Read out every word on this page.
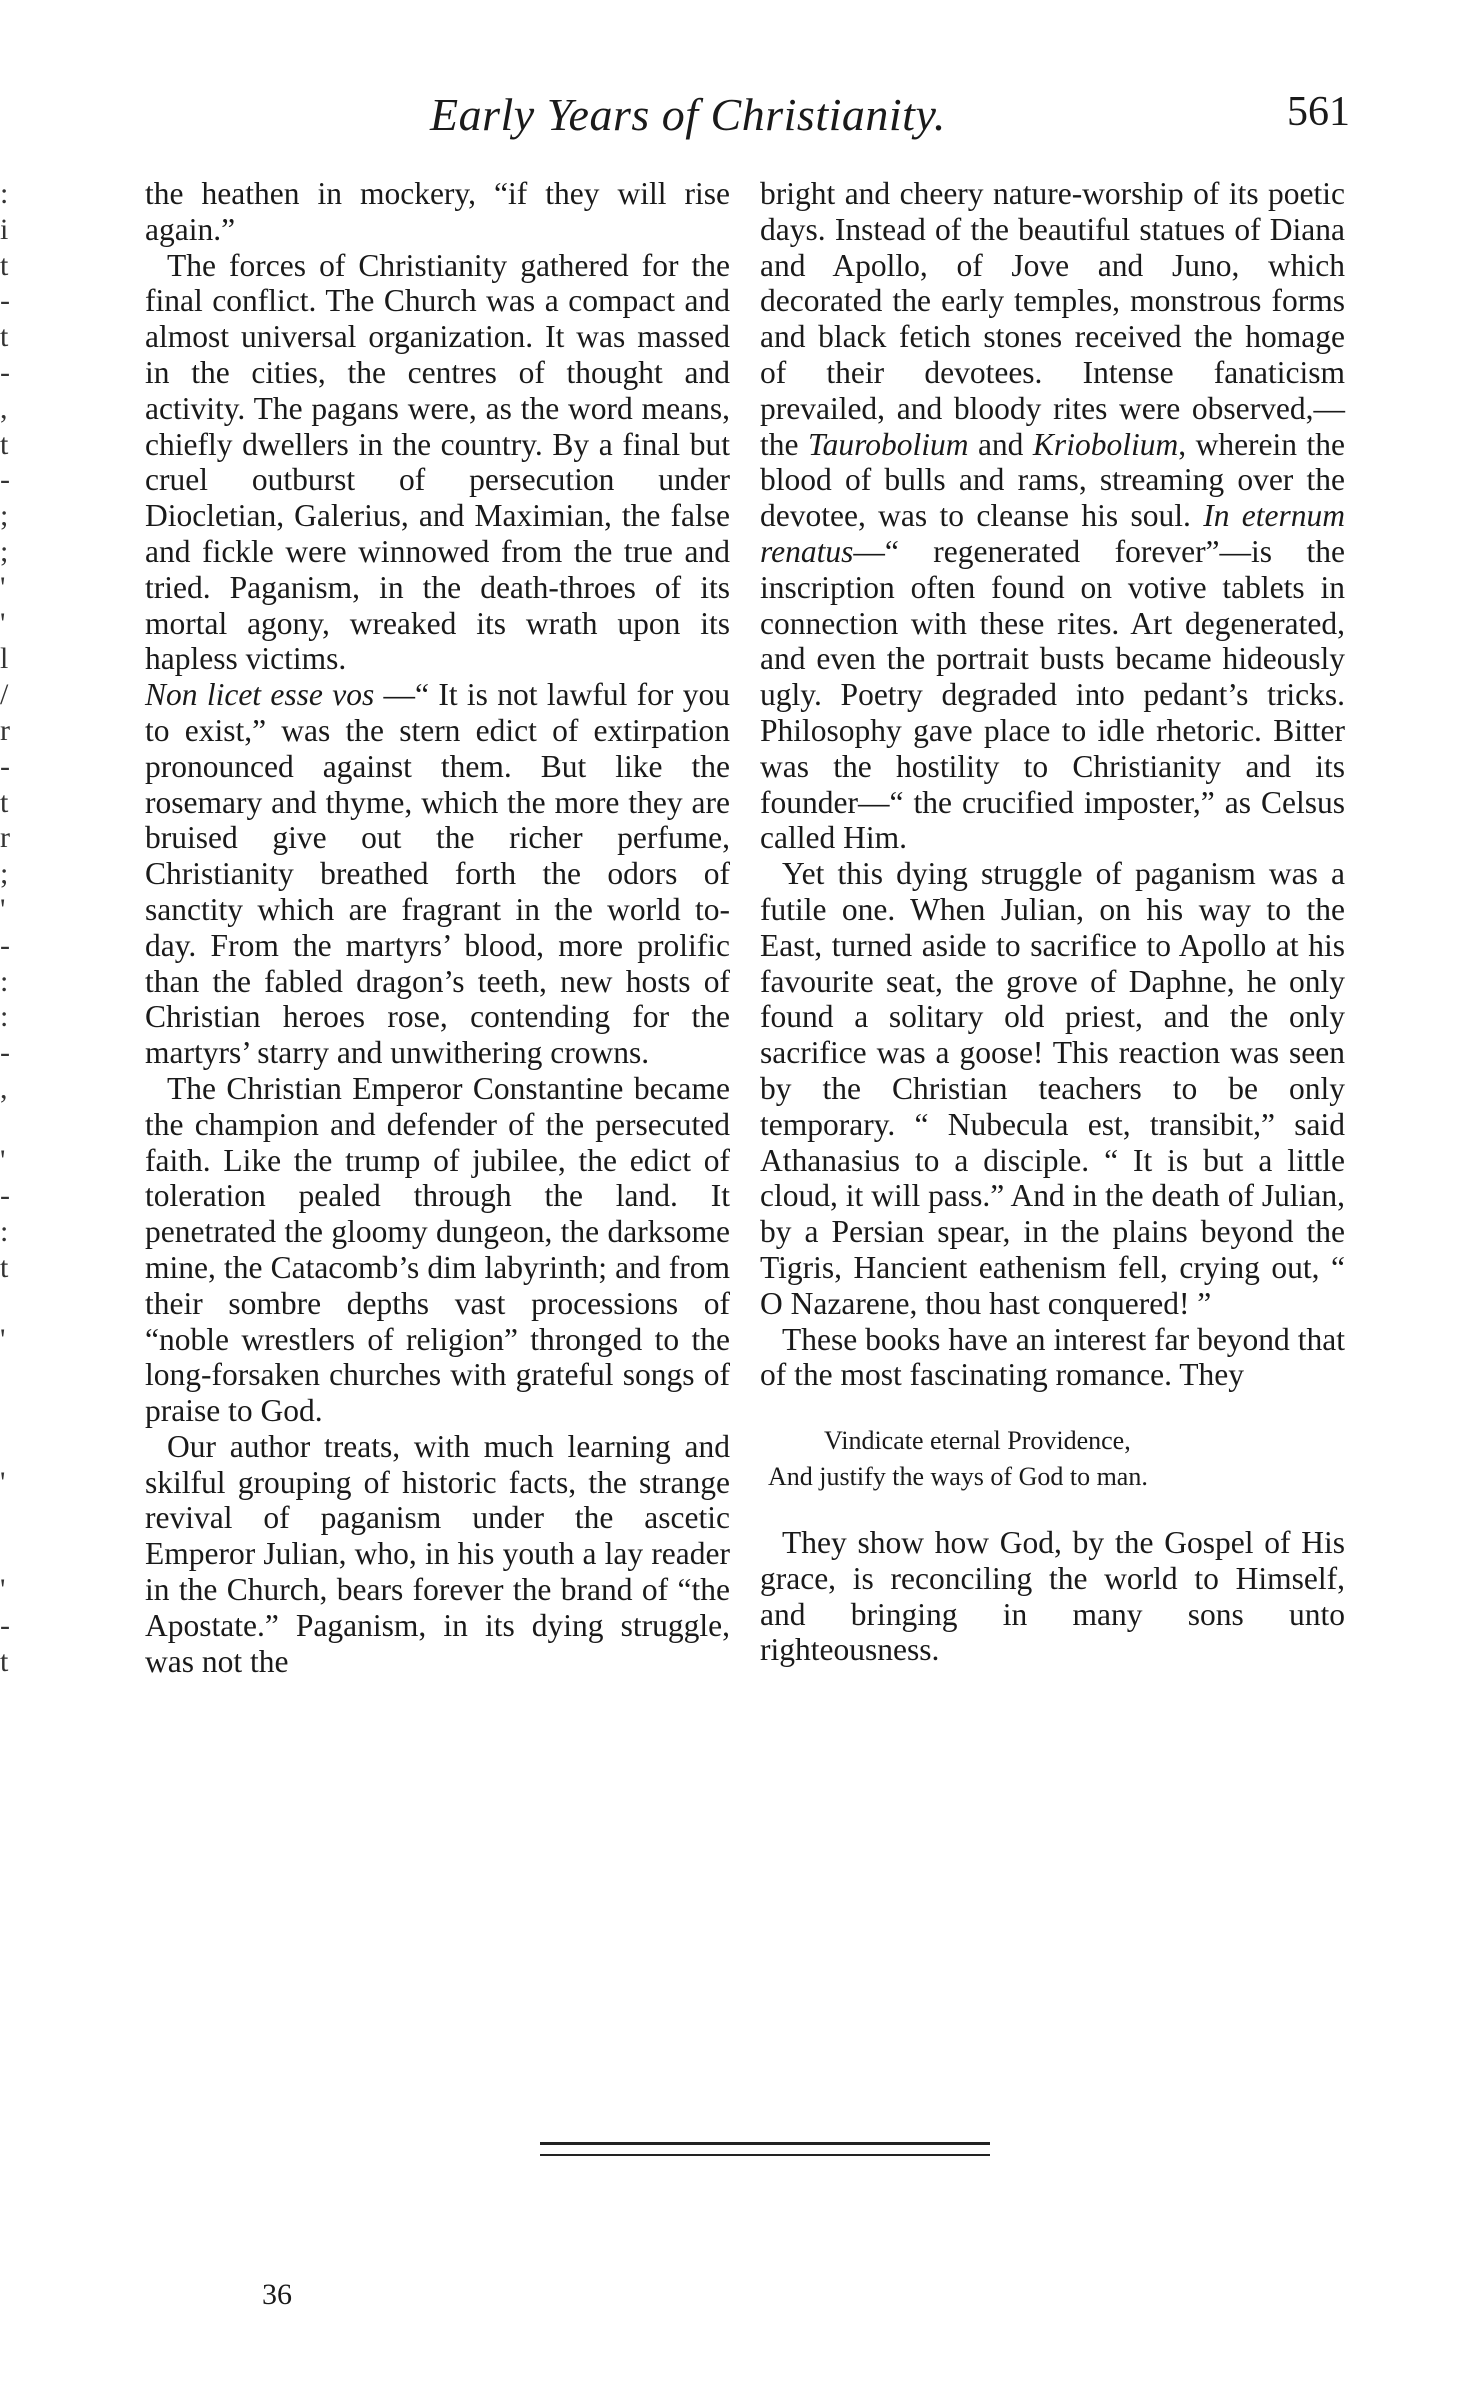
:
i
t
-
t
-
,
t
-
;
;
'
'
l
/
r
-
t
r
;
'
-
:
:
-
,
'
-
:
t
'
'
'
-
t
Early Years of Christianity.	561

the heathen in mockery, “if they will rise again.”

The forces of Christianity gathered for the final conflict. The Church was a compact and almost universal organization. It was massed in the cities, the centres of thought and activity. The pagans were, as the word means, chiefly dwellers in the country. By a final but cruel outburst of persecution under Diocletian, Galerius, and Maximian, the false and fickle were winnowed from the true and tried. Paganism, in the death-throes of its mortal agony, wreaked its wrath upon its hapless victims.

Non licet esse vos —“ It is not lawful for you to exist,” was the stern edict of extirpation pronounced against them. But like the rosemary and thyme, which the more they are bruised give out the richer perfume, Christianity breathed forth the odors of sanctity which are fragrant in the world to-day. From the martyrs’ blood, more prolific than the fabled dragon’s teeth, new hosts of Christian heroes rose, contending for the martyrs’ starry and unwithering crowns.

The Christian Emperor Constantine became the champion and defender of the persecuted faith. Like the trump of jubilee, the edict of toleration pealed through the land. It penetrated the gloomy dungeon, the darksome mine, the Catacomb’s dim labyrinth; and from their sombre depths vast processions of “noble wrestlers of religion” thronged to the long-forsaken churches with grateful songs of praise to God.

Our author treats, with much learning and skilful grouping of historic facts, the strange revival of paganism under the ascetic Emperor Julian, who, in his youth a lay reader in the Church, bears forever the brand of “the Apostate.” Paganism, in its dying struggle, was not the

bright and cheery nature-worship of its poetic days. Instead of the beautiful statues of Diana and Apollo, of Jove and Juno, which decorated the early temples, monstrous forms and black fetich stones received the homage of their devotees. Intense fanaticism prevailed, and bloody rites were observed,—the Taurobolium and Kriobolium, wherein the blood of bulls and rams, streaming over the devotee, was to cleanse his soul. In eternum renatus—“ regenerated forever”—is the inscription often found on votive tablets in connection with these rites. Art degenerated, and even the portrait busts became hideously ugly. Poetry degraded into pedant’s tricks. Philosophy gave place to idle rhetoric. Bitter was the hostility to Christianity and its founder—“ the crucified imposter,” as Celsus called Him.

Yet this dying struggle of paganism was a futile one. When Julian, on his way to the East, turned aside to sacrifice to Apollo at his favourite seat, the grove of Daphne, he only found a solitary old priest, and the only sacrifice was a goose! This reaction was seen by the Christian teachers to be only temporary. “ Nubecula est, transibit,” said Athanasius to a disciple. “ It is but a little cloud, it will pass.” And in the death of Julian, by a Persian spear, in the plains beyond the Tigris, Hancient eathenism fell, crying out, “ O Nazarene, thou hast conquered! ”

These books have an interest far beyond that of the most fascinating romance. They

Vindicate eternal Providence,
And justify the ways of God to man.

They show how God, by the Gospel of His grace, is reconciling the world to Himself, and bringing in many sons unto righteousness.

36
